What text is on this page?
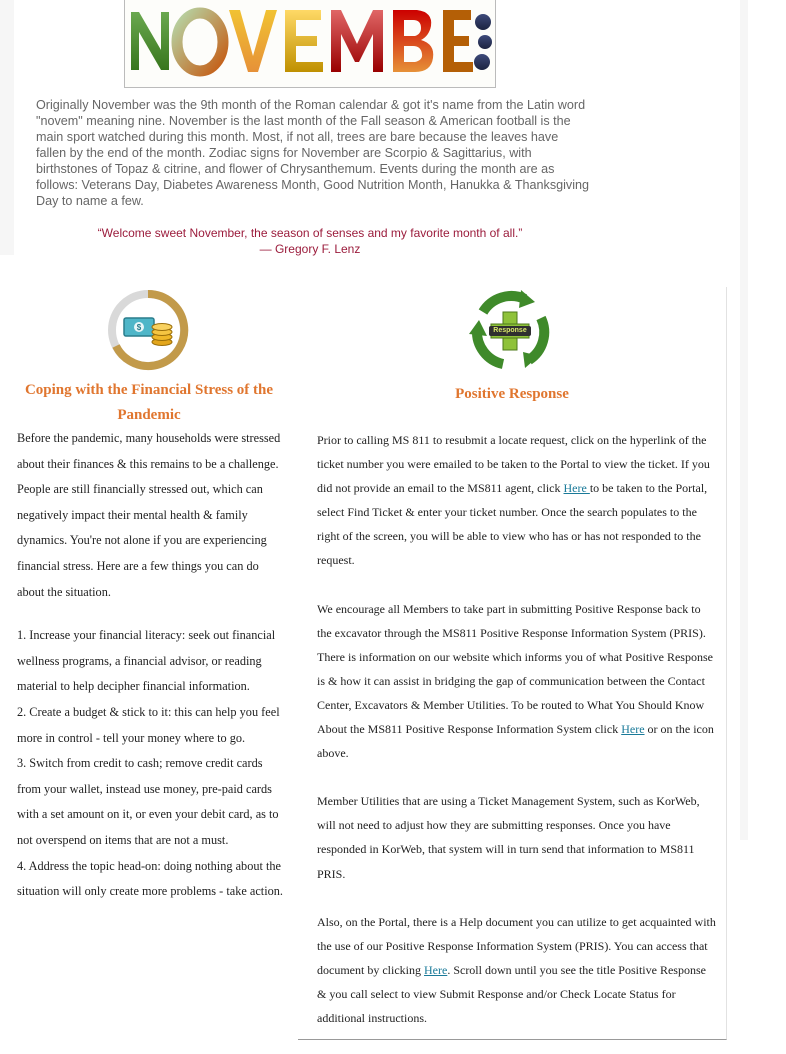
Originally November was the 9th month of the Roman calendar & got it's name from the Latin word "novem" meaning nine. November is the last month of the Fall season & American football is the main sport watched during this month. Most, if not all, trees are bare because the leaves have fallen by the end of the month. Zodiac signs for November are Scorpio & Sagittarius, with birthstones of Topaz & citrine, and flower of Chrysanthemum. Events during the month are as follows: Veterans Day, Diabetes Awareness Month, Good Nutrition Month, Hanukka & Thanksgiving Day to name a few.

“Welcome sweet November, the season of senses and my favorite month of all.”
― Gregory F. Lenz
$	Response
Coping with the Financial Stress of the Pandemic
Positive Response

Before the pandemic, many households were stressed about their finances & this remains to be a challenge. People are still financially stressed out, which can negatively impact their mental health & family dynamics. You're not alone if you are experiencing financial stress. Here are a few things you can do about the situation.

1. Increase your financial literacy: seek out financial wellness programs, a financial advisor, or reading material to help decipher financial information.

2. Create a budget & stick to it: this can help you feel more in control - tell your money where to go.

3. Switch from credit to cash; remove credit cards from your wallet, instead use money, pre-paid cards with a set amount on it, or even your debit card, as to not overspend on items that are not a must.

4. Address the topic head-on: doing nothing about the situation will only create more problems - take action.

Prior to calling MS 811 to resubmit a locate request, click on the hyperlink of the ticket number you were emailed to be taken to the Portal to view the ticket. If you did not provide an email to the MS811 agent, click Here to be taken to the Portal, select Find Ticket & enter your ticket number. Once the search populates to the right of the screen, you will be able to view who has or has not responded to the request.

We encourage all Members to take part in submitting Positive Response back to the excavator through the MS811 Positive Response Information System (PRIS). There is information on our website which informs you of what Positive Response is & how it can assist in bridging the gap of communication between the Contact Center, Excavators & Member Utilities. To be routed to What You Should Know About the MS811 Positive Response Information System click Here or on the icon above.

Member Utilities that are using a Ticket Management System, such as KorWeb, will not need to adjust how they are submitting responses. Once you have responded in KorWeb, that system will in turn send that information to MS811 PRIS.

Also, on the Portal, there is a Help document you can utilize to get acquainted with the use of our Positive Response Information System (PRIS). You can access that document by clicking Here. Scroll down until you see the title Positive Response & you call select to view Submit Response and/or Check Locate Status for additional instructions.
